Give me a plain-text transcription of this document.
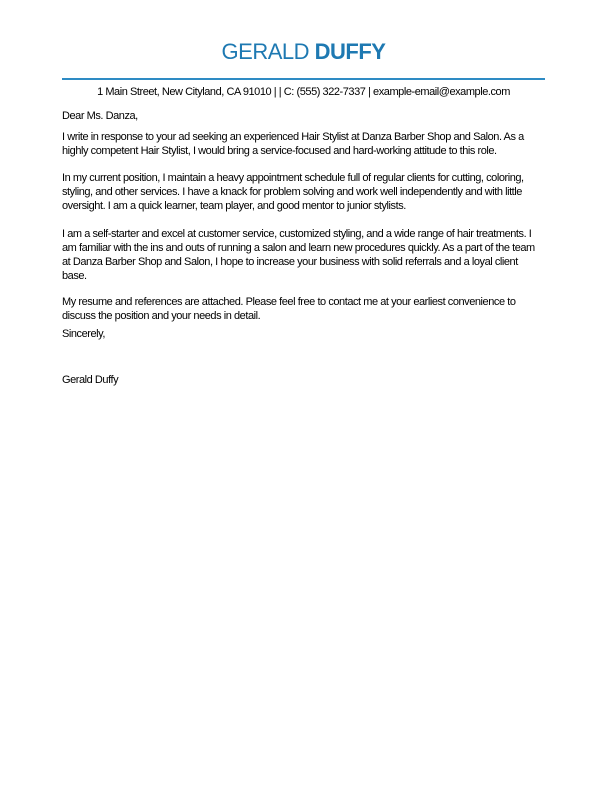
GERALD DUFFY

1 Main Street, New Cityland, CA 91010 | | C: (555) 322-7337 | example-email@example.com

Dear Ms. Danza,

I write in response to your ad seeking an experienced Hair Stylist at Danza Barber Shop and Salon. As a highly competent Hair Stylist, I would bring a service-focused and hard-working attitude to this role.

In my current position, I maintain a heavy appointment schedule full of regular clients for cutting, coloring, styling, and other services. I have a knack for problem solving and work well independently and with little oversight. I am a quick learner, team player, and good mentor to junior stylists.

I am a self-starter and excel at customer service, customized styling, and a wide range of hair treatments. I am familiar with the ins and outs of running a salon and learn new procedures quickly. As a part of the team at Danza Barber Shop and Salon, I hope to increase your business with solid referrals and a loyal client base.

My resume and references are attached. Please feel free to contact me at your earliest convenience to discuss the position and your needs in detail.

Sincerely,

Gerald Duffy
